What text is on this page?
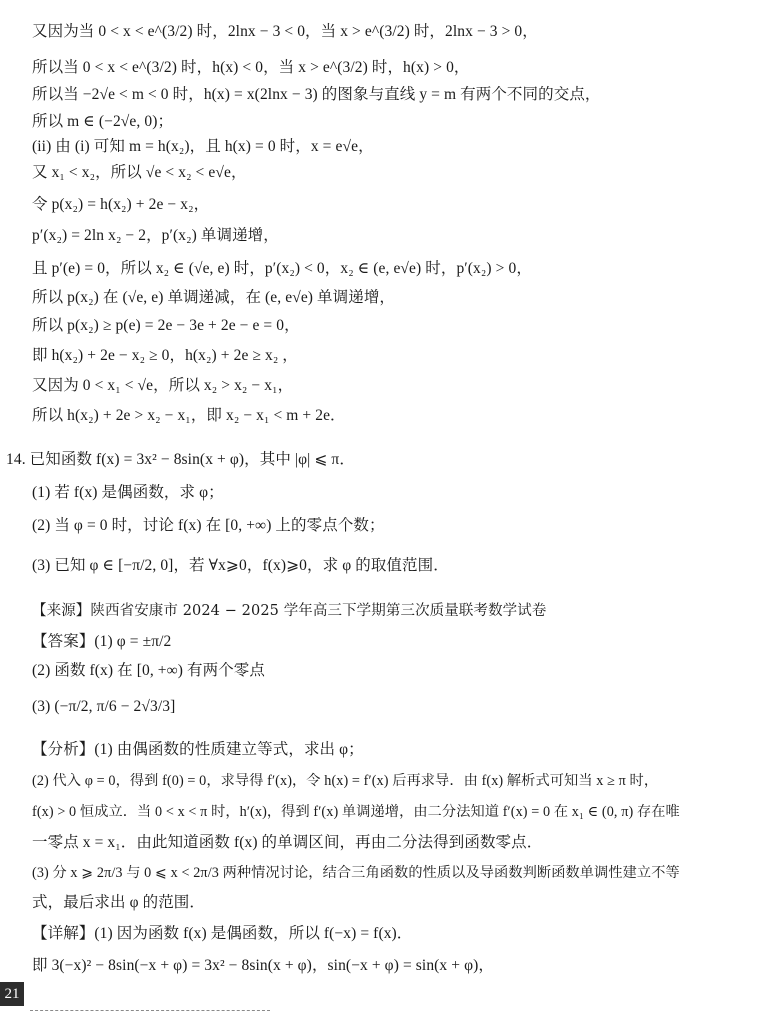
又因为当 0 < x < e^(3/2) 时，2lnx − 3 < 0，当 x > e^(3/2) 时，2lnx − 3 > 0，
所以当 0 < x < e^(3/2) 时，h(x) < 0，当 x > e^(3/2) 时，h(x) > 0，
所以当 −2√e < m < 0 时，h(x) = x(2lnx − 3) 的图象与直线 y = m 有两个不同的交点，
所以 m ∈ (−2√e, 0)；
(ii) 由 (i) 可知 m = h(x₂)，且 h(x) = 0 时，x = e√e，
又 x₁ < x₂，所以 √e < x₂ < e√e，
令 p(x₂) = h(x₂) + 2e − x₂，
p′(x₂) = 2ln x₂ − 2，p′(x₂) 单调递增，
且 p′(e) = 0，所以 x₂ ∈ (√e, e) 时，p′(x₂) < 0，x₂ ∈ (e, e√e) 时，p′(x₂) > 0，
所以 p(x₂) 在 (√e, e) 单调递减，在 (e, e√e) 单调递增，
所以 p(x₂) ≥ p(e) = 2e − 3e + 2e − e = 0，
即 h(x₂) + 2e − x₂ ≥ 0，h(x₂) + 2e ≥ x₂ ，
又因为 0 < x₁ < √e，所以 x₂ > x₂ − x₁，
所以 h(x₂) + 2e > x₂ − x₁，即 x₂ − x₁ < m + 2e．
14. 已知函数 f(x) = 3x² − 8sin(x + φ)，其中 |φ| ⩽ π．
(1) 若 f(x) 是偶函数，求 φ；
(2) 当 φ = 0 时，讨论 f(x) 在 [0, +∞) 上的零点个数；
(3) 已知 φ ∈ [−π/2, 0]，若 ∀x⩾0，f(x)⩾0，求 φ 的取值范围．
【来源】陕西省安康市 2024 − 2025 学年高三下学期第三次质量联考数学试卷
【答案】(1) φ = ±π/2
(2) 函数 f(x) 在 [0, +∞) 有两个零点
(3) (−π/2, π/6 − 2√3/3]
【分析】(1) 由偶函数的性质建立等式，求出 φ；
(2) 代入 φ = 0，得到 f(0) = 0，求导得 f′(x)，令 h(x) = f′(x) 后再求导．由 f(x) 解析式可知当 x ≥ π 时，
f(x) > 0 恒成立．当 0 < x < π 时，h′(x)，得到 f′(x) 单调递增，由二分法知道 f′(x) = 0 在 x₁ ∈ (0, π) 存在唯
一零点 x = x₁．由此知道函数 f(x) 的单调区间，再由二分法得到函数零点．
(3) 分 x ⩾ 2π/3 与 0 ⩽ x < 2π/3 两种情况讨论，结合三角函数的性质以及导函数判断函数单调性建立不等
式，最后求出 φ 的范围．
【详解】(1) 因为函数 f(x) 是偶函数，所以 f(−x) = f(x)．
即 3(−x)² − 8sin(−x + φ) = 3x² − 8sin(x + φ)，sin(−x + φ) = sin(x + φ)，
21
